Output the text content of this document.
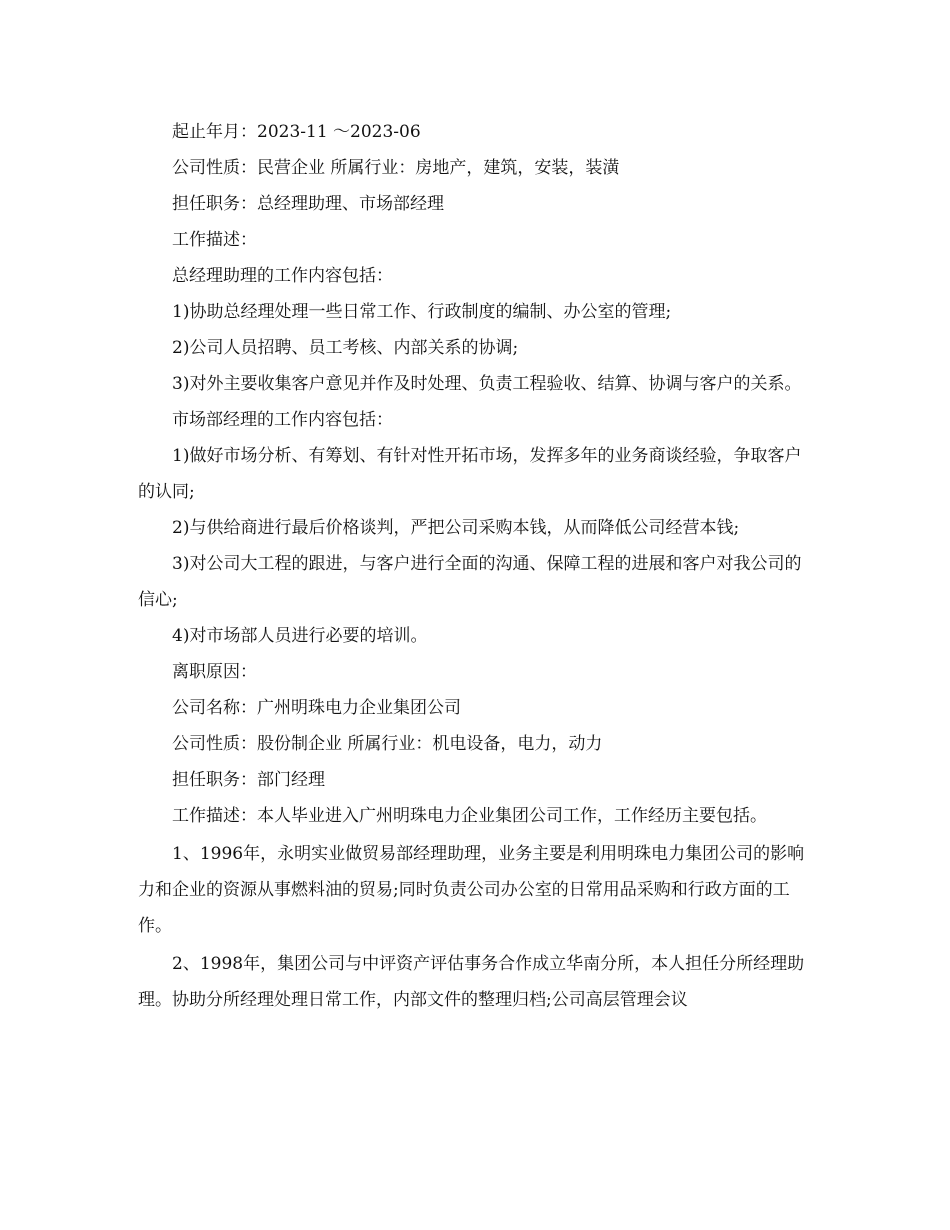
起止年月：2023-11 ～2023-06

公司性质：民营企业 所属行业：房地产，建筑，安装，装潢

担任职务：总经理助理、市场部经理

工作描述：

总经理助理的工作内容包括：

1)协助总经理处理一些日常工作、行政制度的编制、办公室的管理;

2)公司人员招聘、员工考核、内部关系的协调;

3)对外主要收集客户意见并作及时处理、负责工程验收、结算、协调与客户的关系。

市场部经理的工作内容包括：

1)做好市场分析、有筹划、有针对性开拓市场，发挥多年的业务商谈经验，争取客户的认同;

2)与供给商进行最后价格谈判，严把公司采购本钱，从而降低公司经营本钱;

3)对公司大工程的跟进，与客户进行全面的沟通、保障工程的进展和客户对我公司的信心;

4)对市场部人员进行必要的培训。

离职原因：

公司名称：广州明珠电力企业集团公司

公司性质：股份制企业 所属行业：机电设备，电力，动力

担任职务：部门经理

工作描述：本人毕业进入广州明珠电力企业集团公司工作，工作经历主要包括。

1、1996年，永明实业做贸易部经理助理，业务主要是利用明珠电力集团公司的影响力和企业的资源从事燃料油的贸易;同时负责公司办公室的日常用品采购和行政方面的工作。

2、1998年，集团公司与中评资产评估事务合作成立华南分所，本人担任分所经理助理。协助分所经理处理日常工作，内部文件的整理归档;公司高层管理会议
